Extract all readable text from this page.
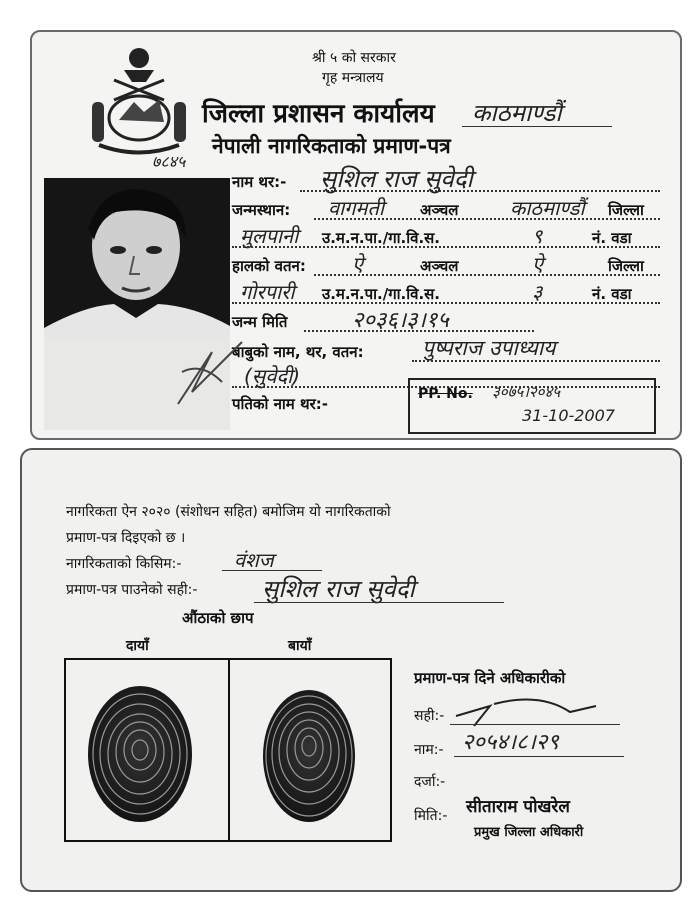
श्री ५ को सरकार
गृह मन्त्रालय
जिल्ला प्रशासन कार्यालय काठमाण्डौं
नेपाली नागरिकताको प्रमाण-पत्र
७८४५
नाम थर:- सुशिल राज सुवेदी
जन्मस्थान: वागमती अञ्चल	काठमाण्डौं जिल्ला
मुलपानी उ.म.न.पा./गा.वि.स.	९	नं. वडा
हालको वतन: ऐ	अञ्चल	ऐ	जिल्ला
गोरपारी उ.म.न.पा./गा.वि.स.	३	नं. वडा
जन्म मिति	२०३६।३।१५
बाबुको नाम, थर, वतन:	पुष्पराज उपाध्याय
(सुवेदी)
पतिको नाम थर:-
PP. No. ३०७५।२०४५
31-10-2007
नागरिकता ऐन २०२० (संशोधन सहित) बमोजिम यो नागरिकताको
प्रमाण-पत्र दिइएको छ ।
नागरिकताको किसिम:-	वंशज
प्रमाण-पत्र पाउनेको सही:-	सुशिल राज सुवेदी
औंठाको छाप
दायाँ	बायाँ
प्रमाण-पत्र दिने अधिकारीको
सही:-
नाम:- २०५४।८।२९
दर्जा:-
मिति:- सीताराम पोखरेल
प्रमुख जिल्ला अधिकारी
